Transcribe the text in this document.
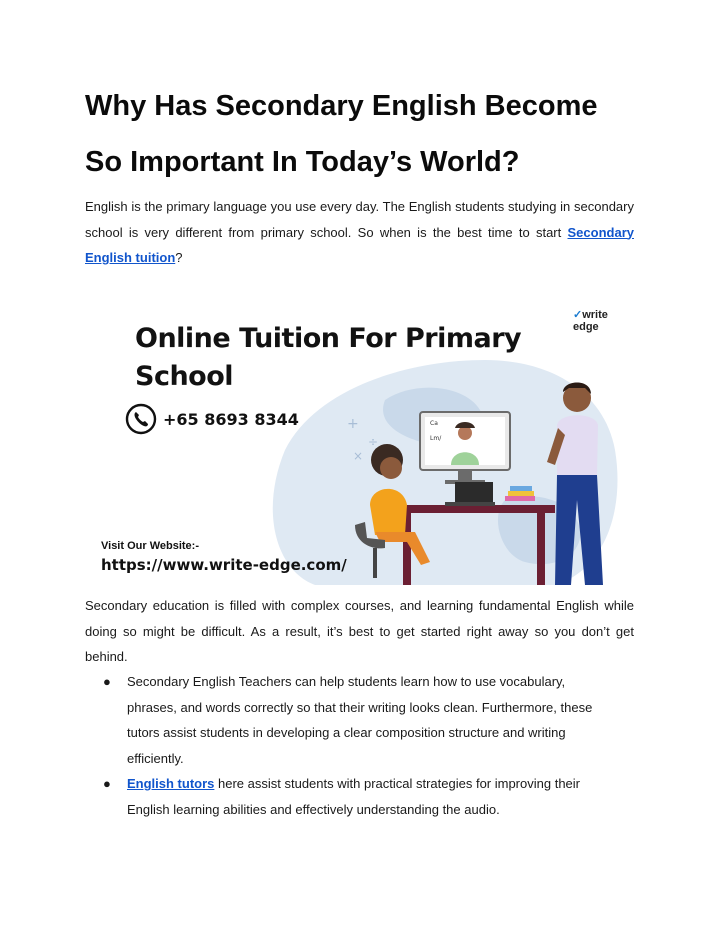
Why Has Secondary English Become
So Important In Today’s World?

English is the primary language you use every day. The English students studying in secondary school is very different from primary school. So when is the best time to start Secondary English tuition?

+
÷
×
Ca
Lm/
✓write edge
Online Tuition For Primary
School
+65 8693 8344
Visit Our Website:-
https://www.write-edge.com/

Secondary education is filled with complex courses, and learning fundamental English while doing so might be difficult. As a result, it’s best to get started right away so you don’t get behind.

● Secondary English Teachers can help students learn how to use vocabulary, phrases, and words correctly so that their writing looks clean. Furthermore, these tutors assist students in developing a clear composition structure and writing efficiently.
● English tutors here assist students with practical strategies for improving their English learning abilities and effectively understanding the audio.
